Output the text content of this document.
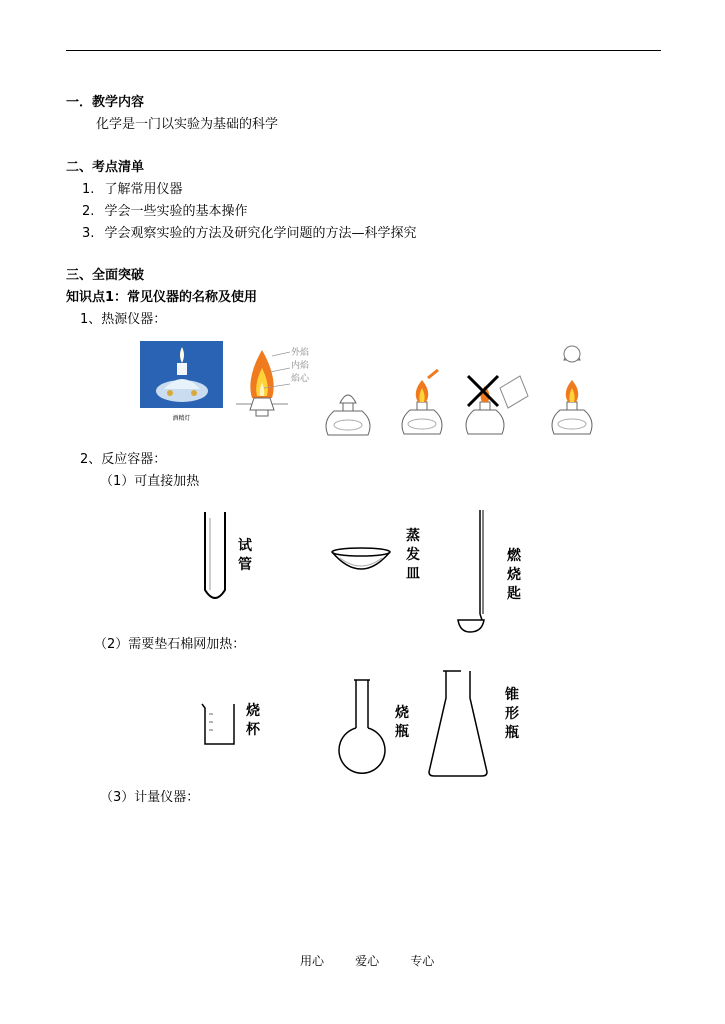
一．教学内容
化学是一门以实验为基础的科学
二、考点清单
1. 了解常用仪器
2. 学会一些实验的基本操作
3. 学会观察实验的方法及研究化学问题的方法—科学探究
三、全面突破
知识点1：常见仪器的名称及使用
1、热源仪器：
酒精灯
外焰
内焰
焰心
2、反应容器：
（1）可直接加热
试管
蒸发皿
燃烧匙
（2）需要垫石棉网加热：
烧杯
烧瓶
锥形瓶
（3）计量仪器：
用心	爱心	专心
